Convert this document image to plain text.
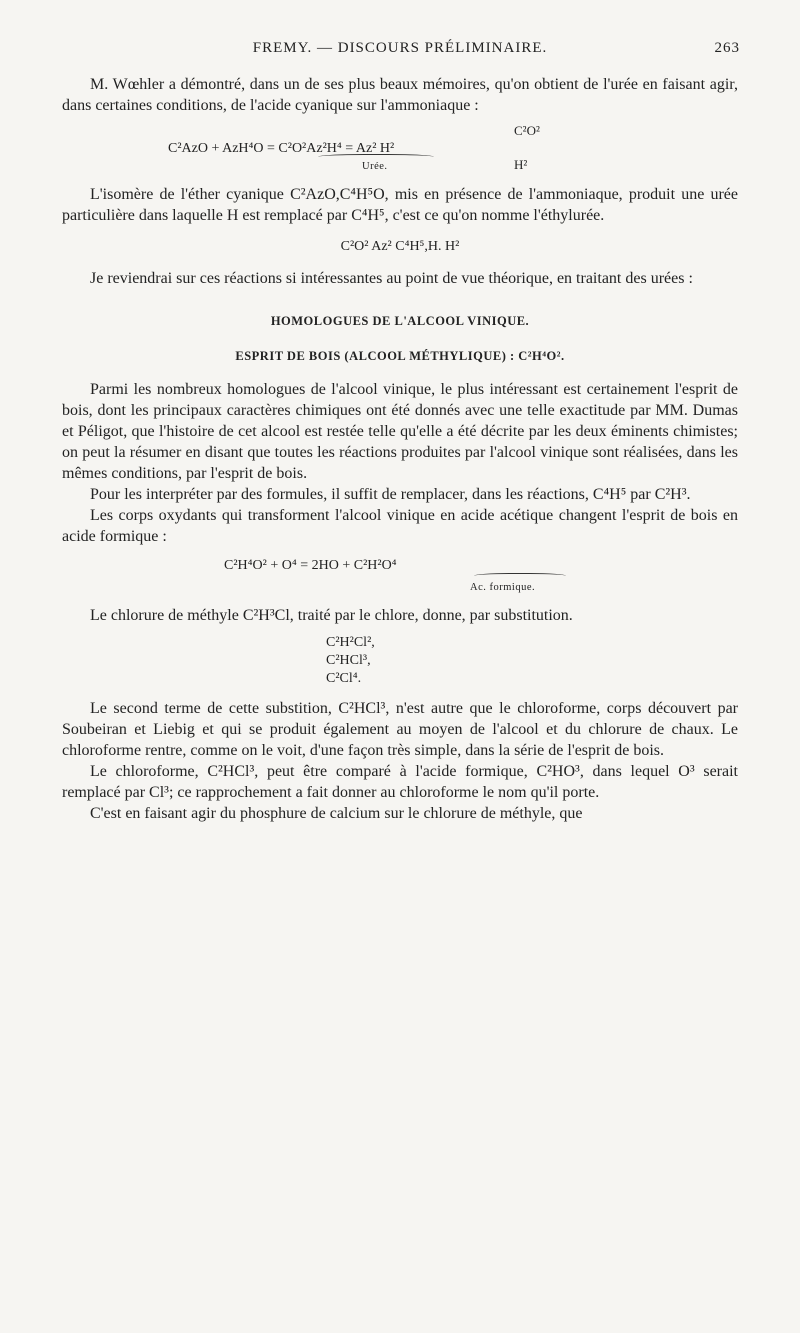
FREMY. — DISCOURS PRÉLIMINAIRE.	263

M. Wœhler a démontré, dans un de ses plus beaux mémoires, qu'on obtient de l'urée en faisant agir, dans certaines conditions, de l'acide cyanique sur l'ammoniaque :

C²O²
C²AzO + AzH⁴O = C²O²Az²H⁴ = Az² H²
Urée.	H²

L'isomère de l'éther cyanique C²AzO,C⁴H⁵O, mis en présence de l'ammoniaque, produit une urée particulière dans laquelle H est remplacé par C⁴H⁵, c'est ce qu'on nomme l'éthylurée.

C²O² Az² C⁴H⁵,H. H²

Je reviendrai sur ces réactions si intéressantes au point de vue théorique, en traitant des urées :

HOMOLOGUES DE L'ALCOOL VINIQUE.
ESPRIT DE BOIS (ALCOOL MÉTHYLIQUE) : C²H⁴O².

Parmi les nombreux homologues de l'alcool vinique, le plus intéressant est certainement l'esprit de bois, dont les principaux caractères chimiques ont été donnés avec une telle exactitude par MM. Dumas et Péligot, que l'histoire de cet alcool est restée telle qu'elle a été décrite par les deux éminents chimistes; on peut la résumer en disant que toutes les réactions produites par l'alcool vinique sont réalisées, dans les mêmes conditions, par l'esprit de bois.

Pour les interpréter par des formules, il suffit de remplacer, dans les réactions, C⁴H⁵ par C²H³.

Les corps oxydants qui transforment l'alcool vinique en acide acétique changent l'esprit de bois en acide formique :

C²H⁴O² + O⁴ = 2HO + C²H²O⁴
Ac. formique.

Le chlorure de méthyle C²H³Cl, traité par le chlore, donne, par substitution.

C²H²Cl²,
C²HCl³,
C²Cl⁴.

Le second terme de cette substition, C²HCl³, n'est autre que le chloroforme, corps découvert par Soubeiran et Liebig et qui se produit également au moyen de l'alcool et du chlorure de chaux. Le chloroforme rentre, comme on le voit, d'une façon très simple, dans la série de l'esprit de bois.

Le chloroforme, C²HCl³, peut être comparé à l'acide formique, C²HO³, dans lequel O³ serait remplacé par Cl³; ce rapprochement a fait donner au chloroforme le nom qu'il porte.

C'est en faisant agir du phosphure de calcium sur le chlorure de méthyle, que
